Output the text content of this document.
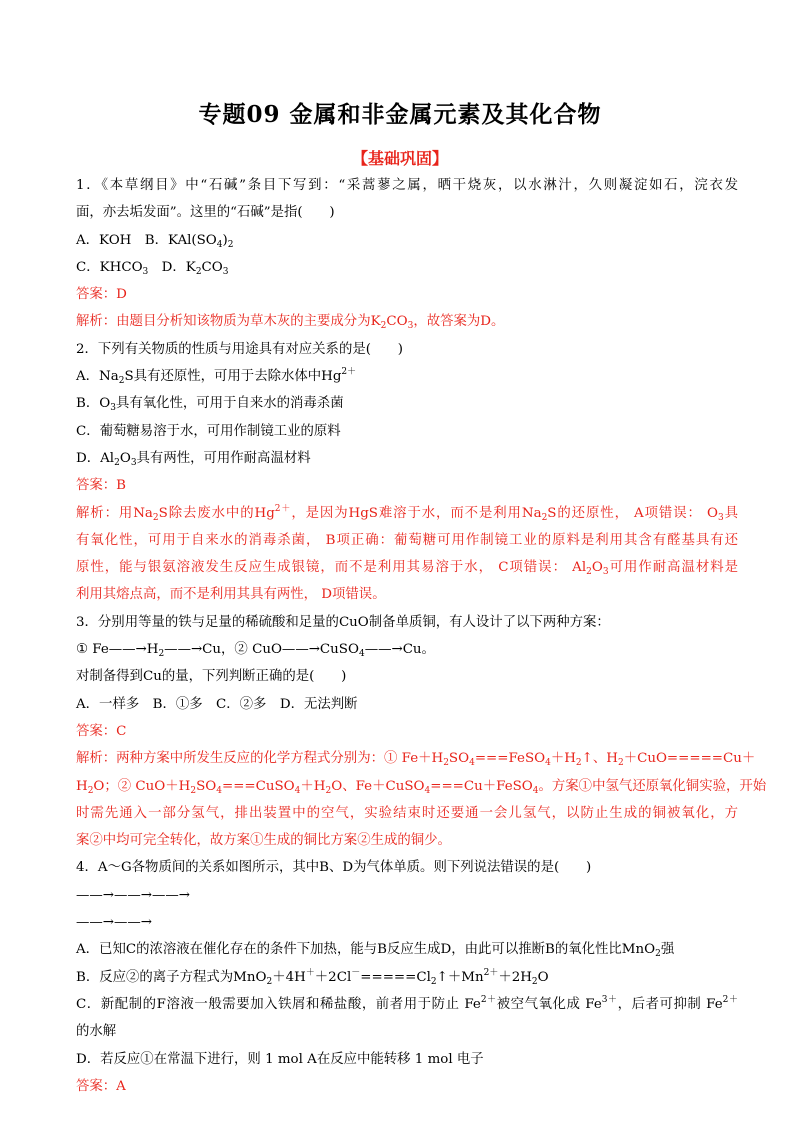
专题09 金属和非金属元素及其化合物
【基础巩固】

1．《本草纲目》中“石碱”条目下写到：“采蒿蓼之属，晒干烧灰，以水淋汁，久则凝淀如石，浣衣发

面，亦去垢发面”。这里的“石碱”是指(　　)

A．KOH　B．$KAl(SO_4)_2$

C．$KHCO_3$　D．$K_2CO_3$

答案：D

解析：由题目分析知该物质为草木灰的主要成分为$K_2CO_3$，故答案为D。

2．下列有关物质的性质与用途具有对应关系的是(　　)

A．$Na_2S$具有还原性，可用于去除水体中$Hg^{2+}$

B．$O_3$具有氧化性，可用于自来水的消毒杀菌

C．葡萄糖易溶于水，可用作制镜工业的原料

D．$Al_2O_3$具有两性，可用作耐高温材料

答案：B

解析：用$Na_2S$除去废水中的$Hg^{2+}$，是因为HgS难溶于水，而不是利用$Na_2S$的还原性， A项错误： $O_3$具

有氧化性，可用于自来水的消毒杀菌， B项正确：葡萄糖可用作制镜工业的原料是利用其含有醛基具有还

原性，能与银氨溶液发生反应生成银镜，而不是利用其易溶于水， C项错误： $Al_2O_3$可用作耐高温材料是

利用其熔点高，而不是利用其具有两性， D项错误。

3．分别用等量的铁与足量的稀硫酸和足量的CuO制备单质铜，有人设计了以下两种方案：

① $Fe——\to H_2——\to Cu$，② CuO——→CuSO$_4$——→Cu。

对制备得到Cu的量，下列判断正确的是(　　)

A．一样多　B．①多　C．②多　D．无法判断

答案：C

解析：两种方案中所发生反应的化学方程式分别为：① $Fe+H_2SO_4===FeSO_4+H_2↑$、$H_2+CuO=====Cu+$

$H_2O$；② $CuO+H_2SO_4===CuSO_4+H_2O$、Fe＋CuSO$_4$===Cu＋FeSO$_4$。方案①中氢气还原氧化铜实验，开始

时需先通入一部分氢气，排出装置中的空气，实验结束时还要通一会儿氢气，以防止生成的铜被氧化，方

案②中均可完全转化，故方案①生成的铜比方案②生成的铜少。

4．A～G各物质间的关系如图所示，其中B、D为气体单质。则下列说法错误的是(　　)

——→——→——→

——→——→

A．已知C的浓溶液在催化存在的条件下加热，能与B反应生成D，由此可以推断B的氧化性比MnO$_2$强

B．反应②的离子方程式为$MnO_2+4H^++2Cl^-=====Cl_2↑+Mn^{2+}+2H_2O$

C．新配制的F溶液一般需要加入铁屑和稀盐酸，前者用于防止 $Fe^{2+}$被空气氧化成 $Fe^{3+}$，后者可抑制 $Fe^{2+}$

的水解

D．若反应①在常温下进行，则 1 mol A在反应中能转移 1 mol 电子

答案：A
